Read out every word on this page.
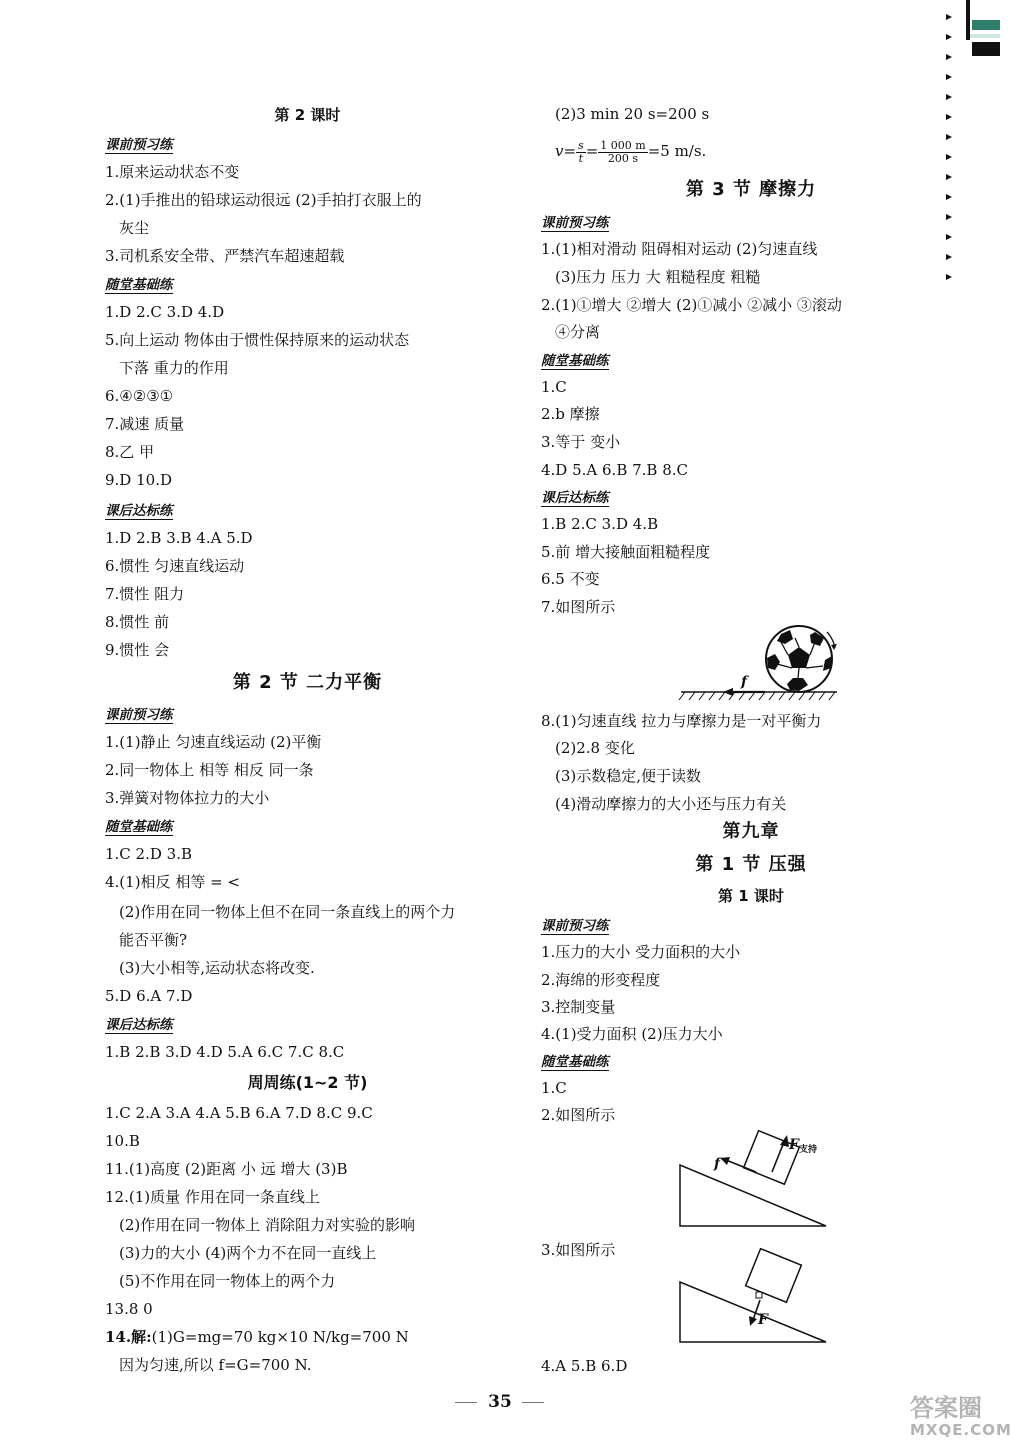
第 2 课时
课前预习练
1.原来运动状态不变
2.(1)手推出的铅球运动很远 (2)手拍打衣服上的
灰尘
3.司机系安全带、严禁汽车超速超载
随堂基础练
1.D 2.C 3.D 4.D
5.向上运动 物体由于惯性保持原来的运动状态
下落 重力的作用
6.④②③①
7.减速 质量
8.乙 甲
9.D 10.D
课后达标练
1.D 2.B 3.B 4.A 5.D
6.惯性 匀速直线运动
7.惯性 阻力
8.惯性 前
9.惯性 会
第 2 节 二力平衡
课前预习练
1.(1)静止 匀速直线运动 (2)平衡
2.同一物体上 相等 相反 同一条
3.弹簧对物体拉力的大小
随堂基础练
1.C 2.D 3.B
4.(1)相反 相等 = <
(2)作用在同一物体上但不在同一条直线上的两个力
能否平衡?
(3)大小相等,运动状态将改变.
5.D 6.A 7.D
课后达标练
1.B 2.B 3.D 4.D 5.A 6.C 7.C 8.C
周周练(1~2 节)
1.C 2.A 3.A 4.A 5.B 6.A 7.D 8.C 9.C
10.B
11.(1)高度 (2)距离 小 远 增大 (3)B
12.(1)质量 作用在同一条直线上
(2)作用在同一物体上 消除阻力对实验的影响
(3)力的大小 (4)两个力不在同一直线上
(5)不作用在同一物体上的两个力
13.8 0
14.解:(1)G=mg=70 kg×10 N/kg=700 N
因为匀速,所以 f=G=700 N.
(2)3 min 20 s=200 s
$v= \frac{s}{t} = \frac{1 000 m}{200 s} =5$ m/s.
第 3 节 摩擦力
课前预习练
1.(1)相对滑动 阻碍相对运动 (2)匀速直线
(3)压力 压力 大 粗糙程度 粗糙
2.(1)①增大 ②增大 (2)①减小 ②减小 ③滚动
④分离
随堂基础练
1.C
2.b 摩擦
3.等于 变小
4.D 5.A 6.B 7.B 8.C
课后达标练
1.B 2.C 3.D 4.B
5.前 增大接触面粗糙程度
6.5 不变
7.如图所示
f
8.(1)匀速直线 拉力与摩擦力是一对平衡力
(2)2.8 变化
(3)示数稳定,便于读数
(4)滑动摩擦力的大小还与压力有关
第九章
第 1 节 压强
第 1 课时
课前预习练
1.压力的大小 受力面积的大小
2.海绵的形变程度
3.控制变量
4.(1)受力面积 (2)压力大小
随堂基础练
1.C
2.如图所示
f
$F_{支持}$
3.如图所示
F
4.A 5.B 6.D
35	答案圈
MXQE.COM
